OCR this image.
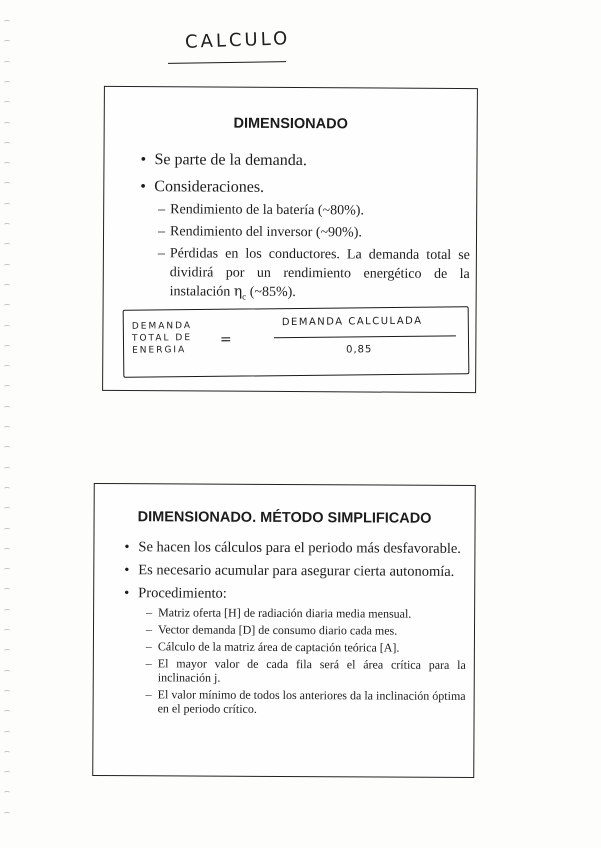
CALCULO
DIMENSIONADO
• Se parte de la demanda.
• Consideraciones.
– Rendimiento de la batería (~80%).
– Rendimiento del inversor (~90%).
– Pérdidas en los conductores. La demanda total se dividirá por un rendimiento energético de la instalación $\eta_c$ (~85%).
DEMANDA
TOTAL DE
ENERGIA
=
DEMANDA CALCULADA
0,85
DIMENSIONADO. MÉTODO SIMPLIFICADO
• Se hacen los cálculos para el periodo más desfavorable.
• Es necesario acumular para asegurar cierta autonomía.
• Procedimiento:
– Matriz oferta [H] de radiación diaria media mensual.
– Vector demanda [D] de consumo diario cada mes.
– Cálculo de la matriz área de captación teórica [A].
– El mayor valor de cada fila será el área crítica para la inclinación j.
– El valor mínimo de todos los anteriores da la inclinación óptima en el periodo crítico.
